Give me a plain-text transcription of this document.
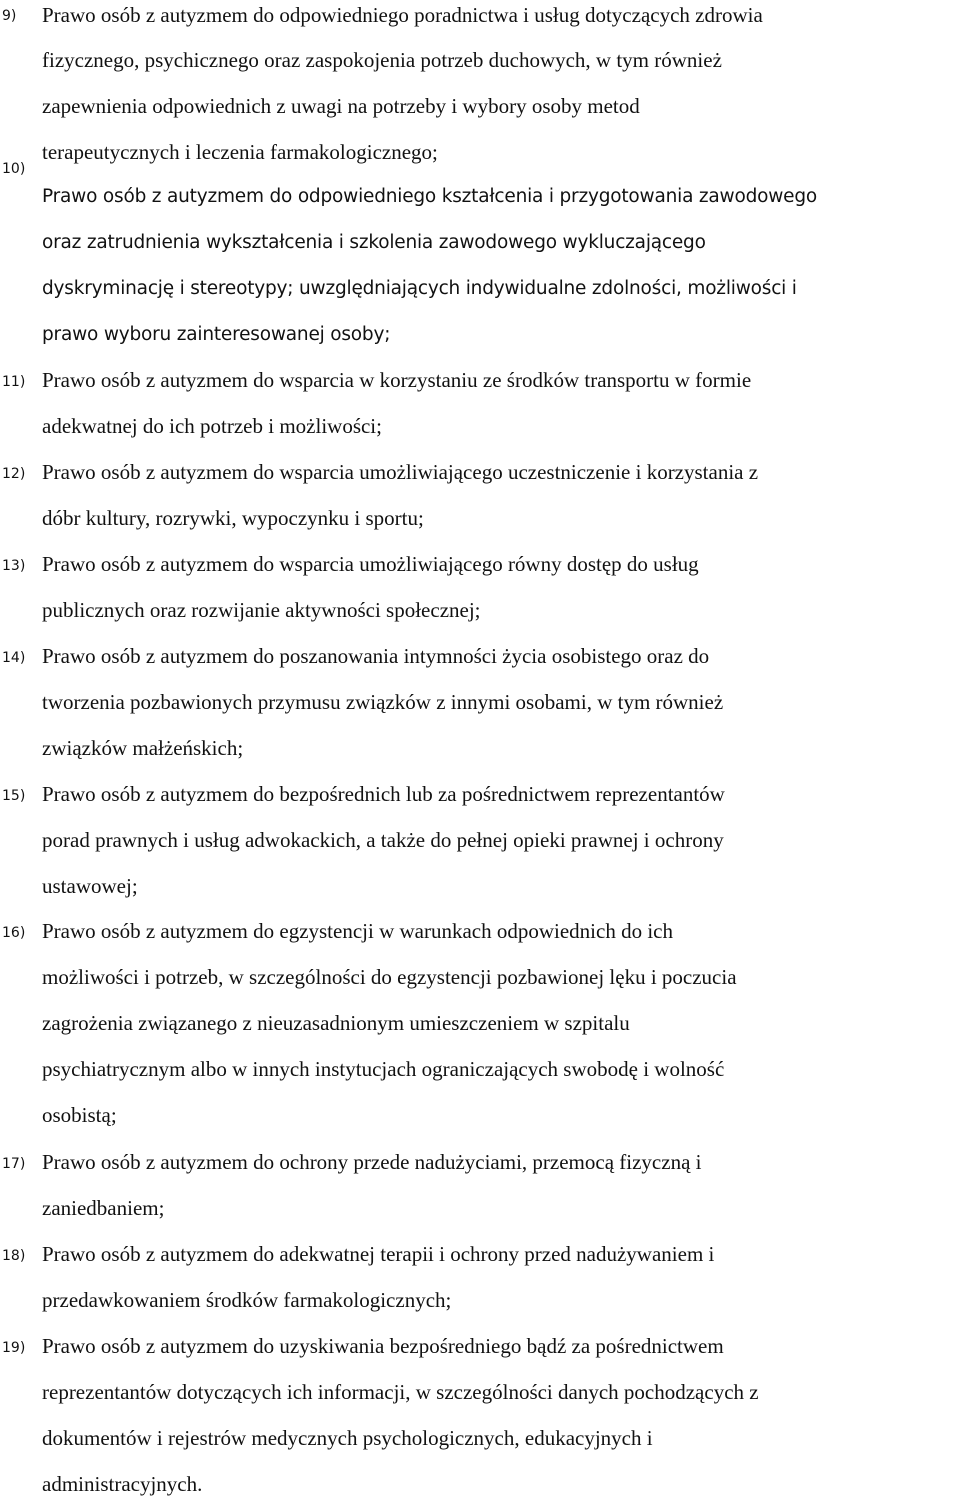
9) Prawo osób z autyzmem do odpowiedniego poradnictwa i usług dotyczących zdrowia
fizycznego, psychicznego oraz zaspokojenia potrzeb duchowych, w tym również
zapewnienia odpowiednich z uwagi na potrzeby i wybory osoby metod
terapeutycznych i leczenia farmakologicznego;
10)
Prawo osób z autyzmem do odpowiedniego kształcenia i przygotowania zawodowego
oraz zatrudnienia wykształcenia i szkolenia zawodowego wykluczającego
dyskryminację i stereotypy; uwzględniających indywidualne zdolności, możliwości i
prawo wyboru zainteresowanej osoby;
11) Prawo osób z autyzmem do wsparcia w korzystaniu ze środków transportu w formie
adekwatnej do ich potrzeb i możliwości;
12) Prawo osób z autyzmem do wsparcia umożliwiającego uczestniczenie i korzystania z
dóbr kultury, rozrywki, wypoczynku i sportu;
13) Prawo osób z autyzmem do wsparcia umożliwiającego równy dostęp do usług
publicznych oraz rozwijanie aktywności społecznej;
14) Prawo osób z autyzmem do poszanowania intymności życia osobistego oraz do
tworzenia pozbawionych przymusu związków z innymi osobami, w tym również
związków małżeńskich;
15) Prawo osób z autyzmem do bezpośrednich lub za pośrednictwem reprezentantów
porad prawnych i usług adwokackich, a także do pełnej opieki prawnej i ochrony
ustawowej;
16) Prawo osób z autyzmem do egzystencji w warunkach odpowiednich do ich
możliwości i potrzeb, w szczególności do egzystencji pozbawionej lęku i poczucia
zagrożenia związanego z nieuzasadnionym umieszczeniem w szpitalu
psychiatrycznym albo w innych instytucjach ograniczających swobodę i wolność
osobistą;
17) Prawo osób z autyzmem do ochrony przede nadużyciami, przemocą fizyczną i
zaniedbaniem;
18) Prawo osób z autyzmem do adekwatnej terapii i ochrony przed nadużywaniem i
przedawkowaniem środków farmakologicznych;
19) Prawo osób z autyzmem do uzyskiwania bezpośredniego bądź za pośrednictwem
reprezentantów dotyczących ich informacji, w szczególności danych pochodzących z
dokumentów i rejestrów medycznych psychologicznych, edukacyjnych i
administracyjnych.
